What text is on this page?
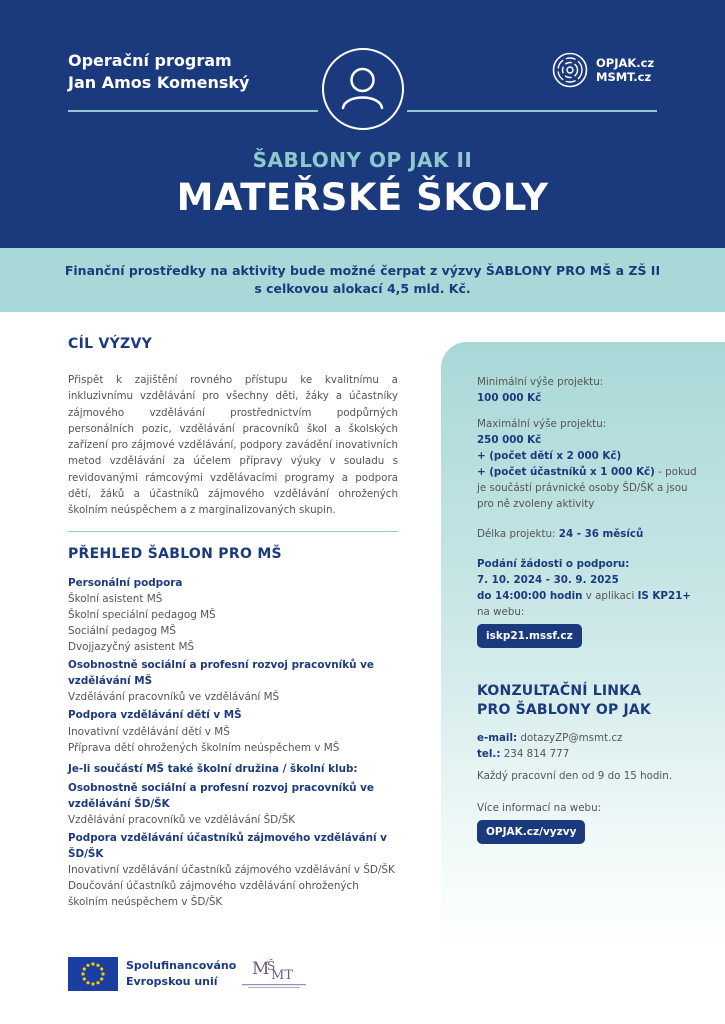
Operační program
Jan Amos Komenský
OPJAK.cz
MSMT.cz
ŠABLONY OP JAK II
MATEŘSKÉ ŠKOLY
Finanční prostředky na aktivity bude možné čerpat z výzvy ŠABLONY PRO MŠ a ZŠ II
s celkovou alokací 4,5 mld. Kč.
CÍL VÝZVY

Přispět k zajištění rovného přístupu ke kvalitnímu a inkluzivnímu vzdělávání pro všechny děti, žáky a účastníky zájmového vzdělávání prostřednictvím podpůrných personálních pozic, vzdělávání pracovníků škol a školských zařízení pro zájmové vzdělávání, podpory zavádění inovativních metod vzdělávání za účelem přípravy výuky v souladu s revidovanými rámcovými vzdělávacími programy a podpora dětí, žáků a účastníků zájmového vzdělávání ohrožených školním neúspěchem a z marginalizovaných skupin.

PŘEHLED ŠABLON PRO MŠ
Personální podpora
Školní asistent MŠ
Školní speciální pedagog MŠ
Sociální pedagog MŠ
Dvojjazyčný asistent MŠ
Osobnostně sociální a profesní rozvoj pracovníků ve vzdělávání MŠ
Vzdělávání pracovníků ve vzdělávání MŠ
Podpora vzdělávání dětí v MŠ
Inovativní vzdělávání dětí v MŠ
Příprava dětí ohrožených školním neúspěchem v MŠ
Je-li součástí MŠ také školní družina / školní klub:
Osobnostně sociální a profesní rozvoj pracovníků ve vzdělávání ŠD/ŠK
Vzdělávání pracovníků ve vzdělávání ŠD/ŠK
Podpora vzdělávání účastníků zájmového vzdělávání v ŠD/ŠK
Inovativní vzdělávání účastníků zájmového vzdělávání v ŠD/ŠK
Doučování účastníků zájmového vzdělávání ohrožených
školním neúspěchem v ŠD/ŠK
Minimální výše projektu:
100 000 Kč
Maximální výše projektu:
250 000 Kč
+ (počet dětí x 2 000 Kč)
+ (počet účastníků x 1 000 Kč) - pokud je součástí právnické osoby ŠD/ŠK a jsou pro ně zvoleny aktivity
Délka projektu: 24 - 36 měsíců
Podání žádosti o podporu:
7. 10. 2024 - 30. 9. 2025
do 14:00:00 hodin v aplikaci IS KP21+
na webu:
iskp21.mssf.cz
KONZULTAČNÍ LINKA
PRO ŠABLONY OP JAK
e-mail: dotazyZP@msmt.cz
tel.: 234 814 777
Každý pracovní den od 9 do 15 hodin.
Více informací na webu:
OPJAK.cz/vyzvy
Spolufinancováno
Evropskou unií
M
Š
MT
